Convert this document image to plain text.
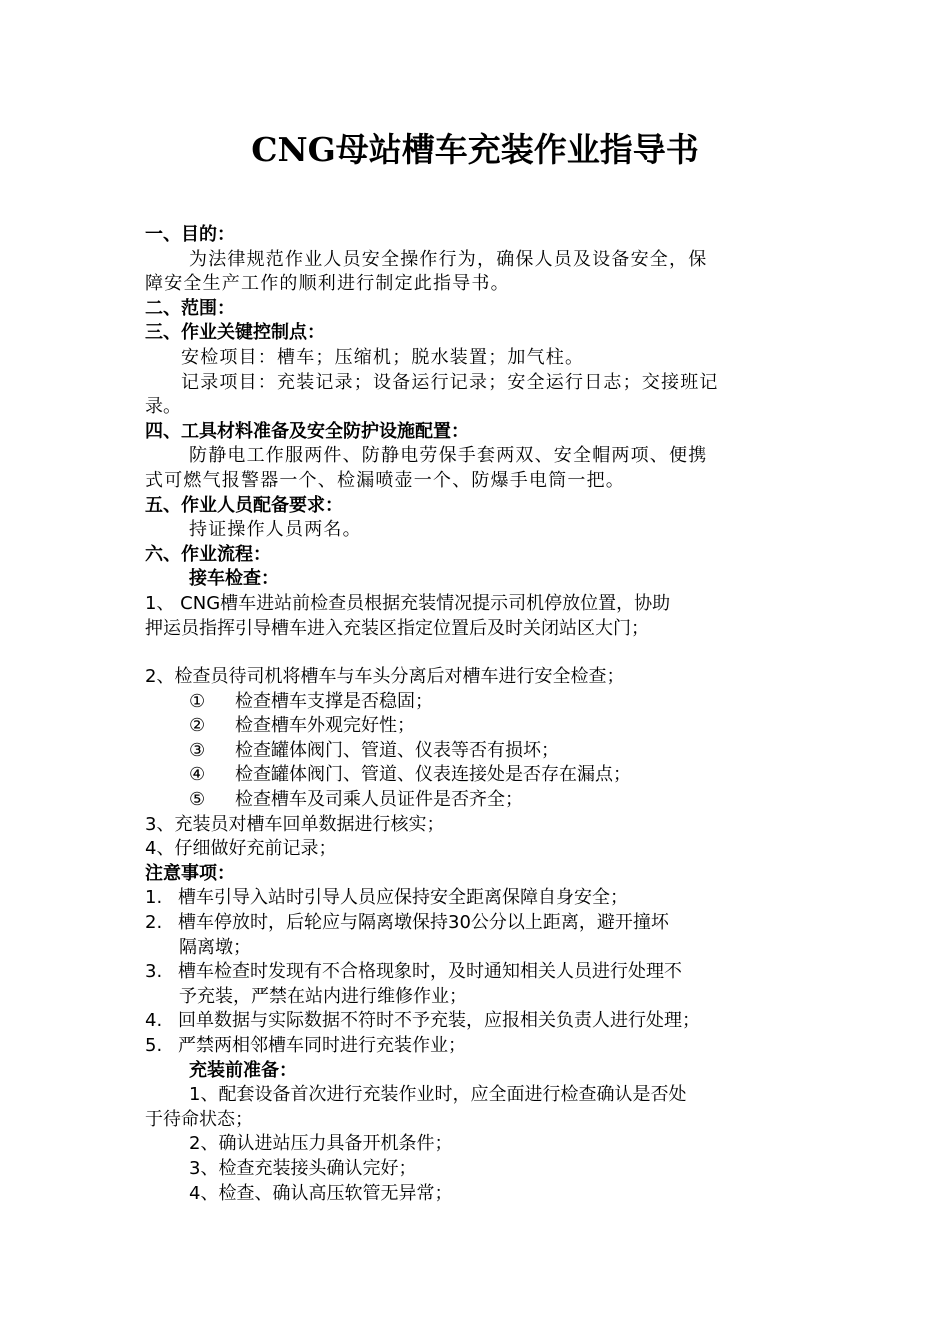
CNG母站槽车充装作业指导书
一、目的：
为法律规范作业人员安全操作行为，确保人员及设备安全，保
障安全生产工作的顺利进行制定此指导书。
二、范围：
三、作业关键控制点：
安检项目：槽车；压缩机；脱水装置；加气柱。
记录项目：充装记录；设备运行记录；安全运行日志；交接班记
录。
四、工具材料准备及安全防护设施配置：
防静电工作服两件、防静电劳保手套两双、安全帽两项、便携
式可燃气报警器一个、检漏喷壶一个、防爆手电筒一把。
五、作业人员配备要求：
持证操作人员两名。
六、作业流程：
接车检查：
1、 CNG槽车进站前检查员根据充装情况提示司机停放位置，协助
押运员指挥引导槽车进入充装区指定位置后及时关闭站区大门；
2、检查员待司机将槽车与车头分离后对槽车进行安全检查；
① 检查槽车支撑是否稳固；
② 检查槽车外观完好性；
③ 检查罐体阀门、管道、仪表等否有损坏；
④ 检查罐体阀门、管道、仪表连接处是否存在漏点；
⑤ 检查槽车及司乘人员证件是否齐全；
3、充装员对槽车回单数据进行核实；
4、仔细做好充前记录；
注意事项：
1. 槽车引导入站时引导人员应保持安全距离保障自身安全；
2. 槽车停放时，后轮应与隔离墩保持30公分以上距离，避开撞坏
隔离墩；
3. 槽车检查时发现有不合格现象时，及时通知相关人员进行处理不
予充装，严禁在站内进行维修作业；
4. 回单数据与实际数据不符时不予充装，应报相关负责人进行处理；
5. 严禁两相邻槽车同时进行充装作业；
充装前准备：
1、配套设备首次进行充装作业时，应全面进行检查确认是否处
于待命状态；
2、确认进站压力具备开机条件；
3、检查充装接头确认完好；
4、检查、确认高压软管无异常；
